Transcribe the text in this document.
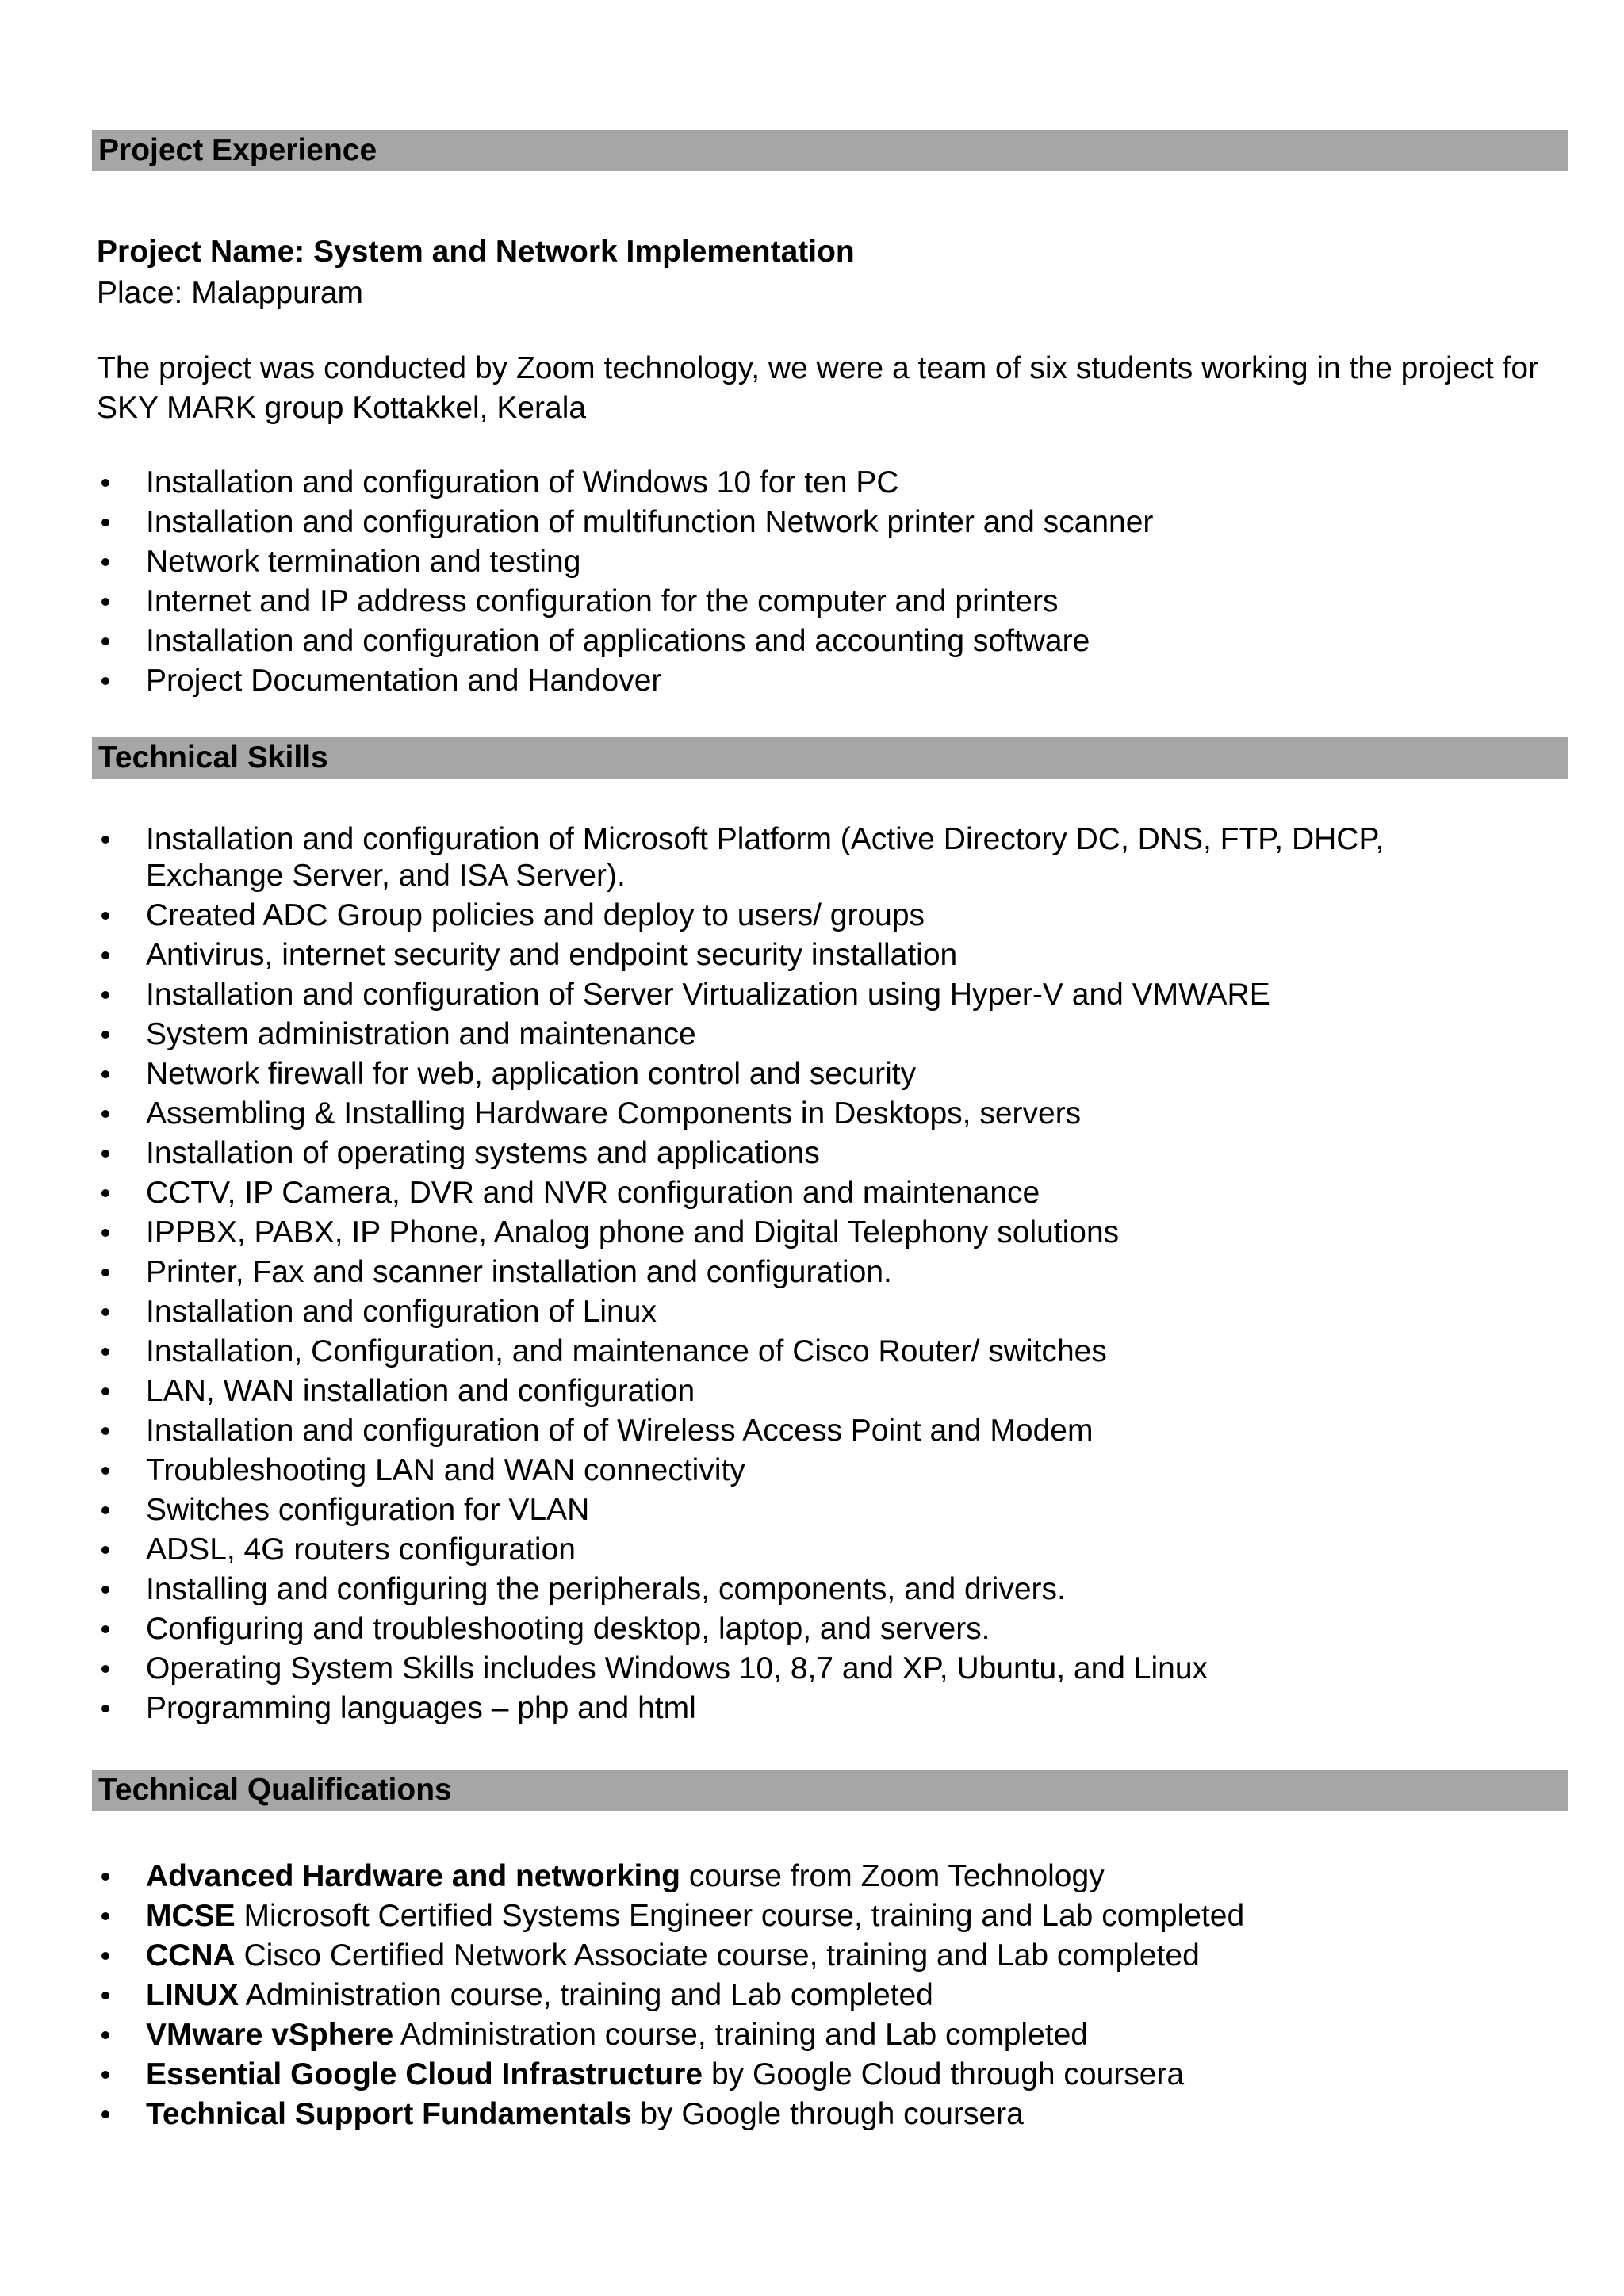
Project Experience
Project Name: System and Network Implementation
Place: Malappuram
The project was conducted by Zoom technology, we were a team of six students working in the project for SKY MARK group Kottakkel, Kerala
Installation and configuration of Windows 10 for ten PC
Installation and configuration of multifunction Network printer and scanner
Network termination and testing
Internet and IP address configuration for the computer and printers
Installation and configuration of applications and accounting software
Project Documentation and Handover
Technical Skills
Installation and configuration of Microsoft Platform (Active Directory DC, DNS, FTP, DHCP, Exchange Server, and ISA Server).
Created ADC Group policies and deploy to users/ groups
Antivirus, internet security and endpoint security installation
Installation and configuration of Server Virtualization using Hyper-V and VMWARE
System administration and maintenance
Network firewall for web, application control and security
Assembling & Installing Hardware Components in Desktops, servers
Installation of operating systems and applications
CCTV, IP Camera, DVR and NVR configuration and maintenance
IPPBX, PABX, IP Phone, Analog phone and Digital Telephony solutions
Printer, Fax and scanner installation and configuration.
Installation and configuration of Linux
Installation, Configuration, and maintenance of Cisco Router/ switches
LAN, WAN installation and configuration
Installation and configuration of of Wireless Access Point and Modem
Troubleshooting LAN and WAN connectivity
Switches configuration for VLAN
ADSL, 4G routers configuration
Installing and configuring the peripherals, components, and drivers.
Configuring and troubleshooting desktop, laptop, and servers.
Operating System Skills includes Windows 10, 8,7 and XP, Ubuntu, and Linux
Programming languages – php and html
Technical Qualifications
Advanced Hardware and networking course from Zoom Technology
MCSE Microsoft Certified Systems Engineer course, training and Lab completed
CCNA Cisco Certified Network Associate course, training and Lab completed
LINUX Administration course, training and Lab completed
VMware vSphere Administration course, training and Lab completed
Essential Google Cloud Infrastructure by Google Cloud through coursera
Technical Support Fundamentals by Google through coursera
